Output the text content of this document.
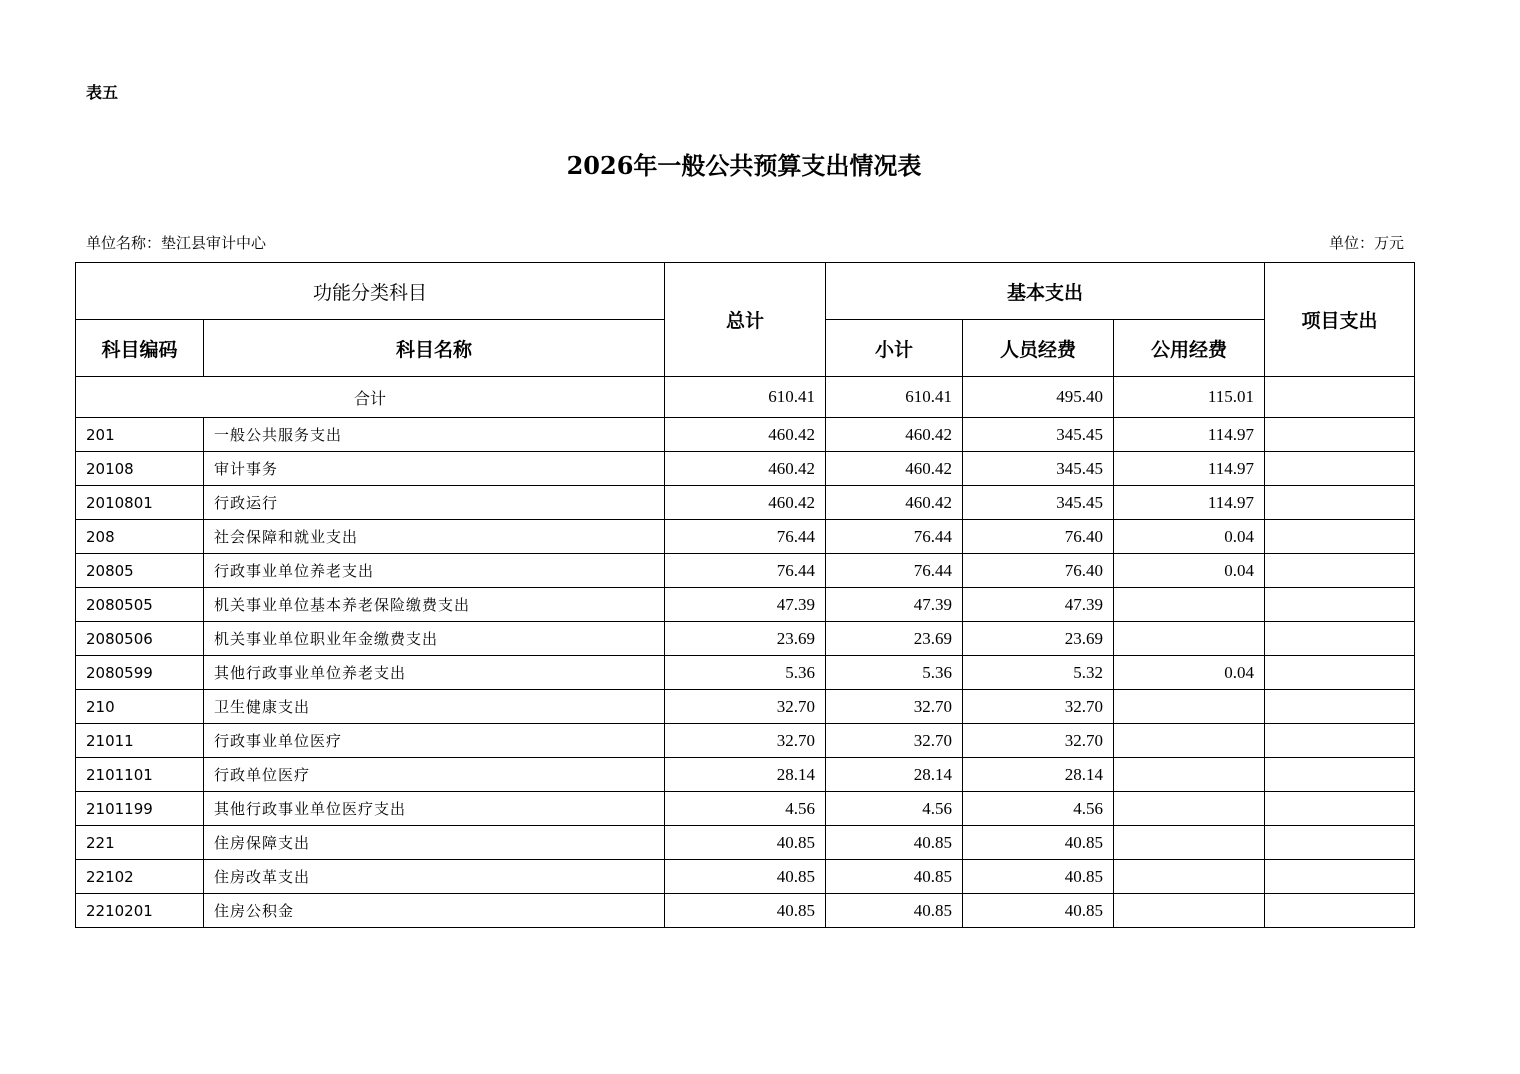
表五
2026年一般公共预算支出情况表
单位名称：垫江县审计中心	单位：万元
功能分类科目		总计	基本支出			项目支出
科目编码	科目名称		小计	人员经费	公用经费	
合计		610.41	610.41	495.40	115.01	
201	一般公共服务支出	460.42	460.42	345.45	114.97	
20108	审计事务	460.42	460.42	345.45	114.97	
2010801	行政运行	460.42	460.42	345.45	114.97	
208	社会保障和就业支出	76.44	76.44	76.40	0.04	
20805	行政事业单位养老支出	76.44	76.44	76.40	0.04	
2080505	机关事业单位基本养老保险缴费支出	47.39	47.39	47.39		
2080506	机关事业单位职业年金缴费支出	23.69	23.69	23.69		
2080599	其他行政事业单位养老支出	5.36	5.36	5.32	0.04	
210	卫生健康支出	32.70	32.70	32.70		
21011	行政事业单位医疗	32.70	32.70	32.70		
2101101	行政单位医疗	28.14	28.14	28.14		
2101199	其他行政事业单位医疗支出	4.56	4.56	4.56		
221	住房保障支出	40.85	40.85	40.85		
22102	住房改革支出	40.85	40.85	40.85		
2210201	住房公积金	40.85	40.85	40.85		
